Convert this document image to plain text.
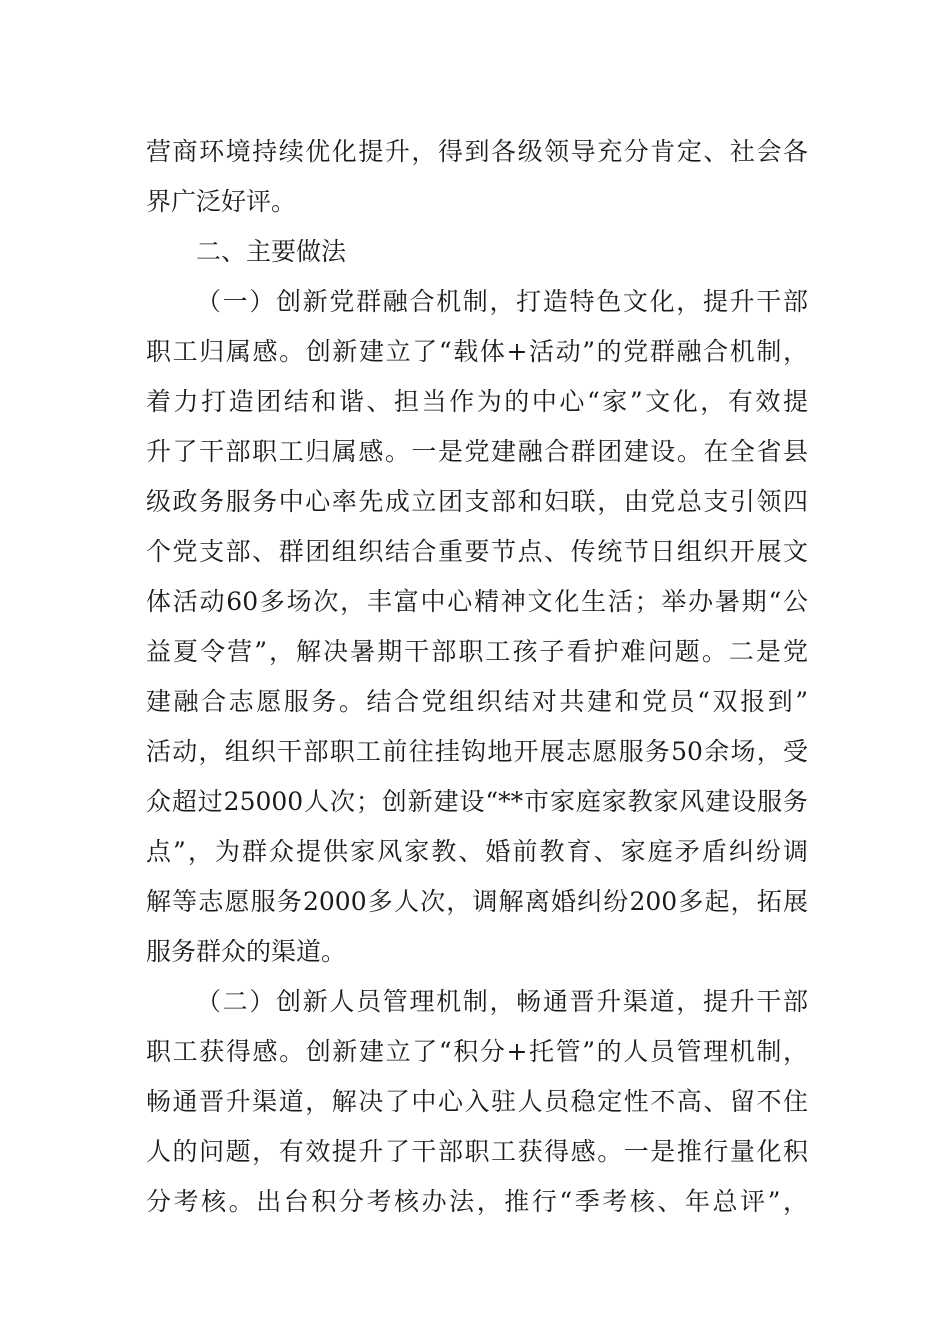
营商环境持续优化提升，得到各级领导充分肯定、社会各
界广泛好评。
二、主要做法
（一）创新党群融合机制，打造特色文化，提升干部
职工归属感。创新建立了“载体+活动”的党群融合机制，
着力打造团结和谐、担当作为的中心“家”文化，有效提
升了干部职工归属感。一是党建融合群团建设。在全省县
级政务服务中心率先成立团支部和妇联，由党总支引领四
个党支部、群团组织结合重要节点、传统节日组织开展文
体活动60多场次，丰富中心精神文化生活；举办暑期“公
益夏令营”，解决暑期干部职工孩子看护难问题。二是党
建融合志愿服务。结合党组织结对共建和党员“双报到”
活动，组织干部职工前往挂钩地开展志愿服务50余场，受
众超过25000人次；创新建设“**市家庭家教家风建设服务
点”，为群众提供家风家教、婚前教育、家庭矛盾纠纷调
解等志愿服务2000多人次，调解离婚纠纷200多起，拓展
服务群众的渠道。
（二）创新人员管理机制，畅通晋升渠道，提升干部
职工获得感。创新建立了“积分+托管”的人员管理机制，
畅通晋升渠道，解决了中心入驻人员稳定性不高、留不住
人的问题，有效提升了干部职工获得感。一是推行量化积
分考核。出台积分考核办法，推行“季考核、年总评”，
